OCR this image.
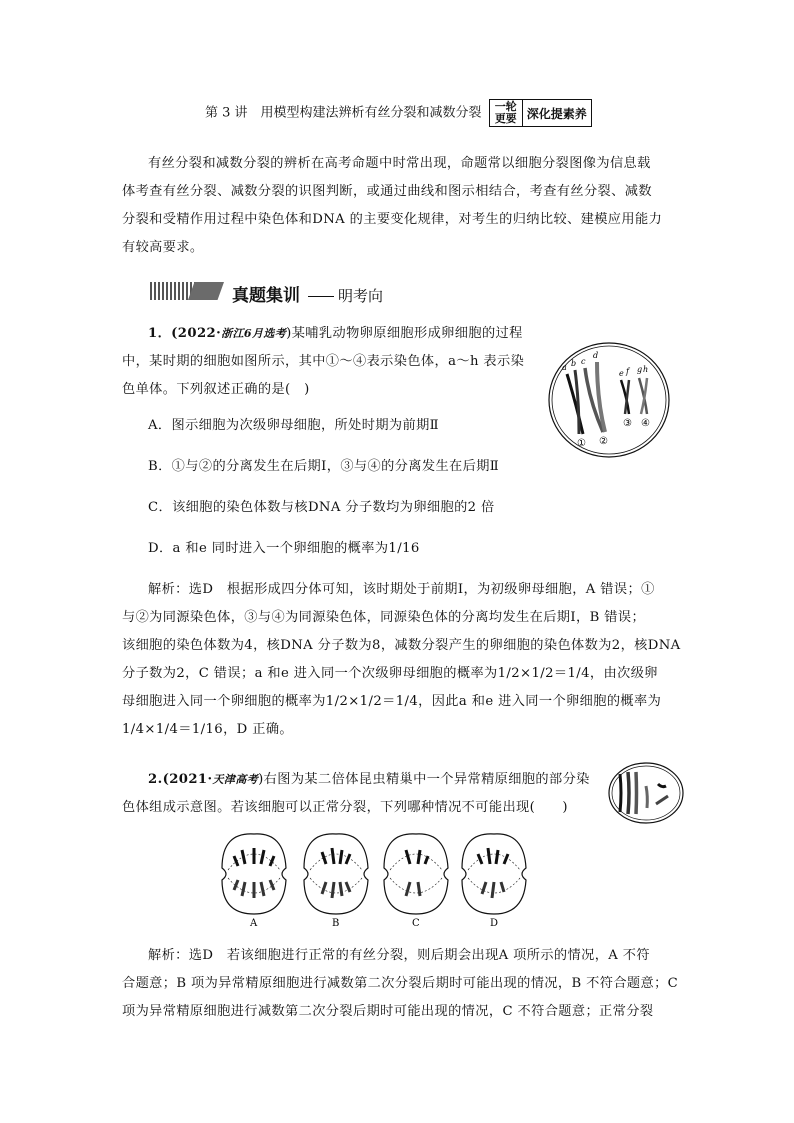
第 3 讲　用模型构建法辨析有丝分裂和减数分裂	一轮
更要 深化提素养
有丝分裂和减数分裂的辨析在高考命题中时常出现，命题常以细胞分裂图像为信息载
体考查有丝分裂、减数分裂的识图判断，或通过曲线和图示相结合，考查有丝分裂、减数
分裂和受精作用过程中染色体和DNA 的主要变化规律，对考生的归纳比较、建模应用能力
有较高要求。
真题集训	明考向
1．(2022·浙江6月选考)某哺乳动物卵原细胞形成卵细胞的过程
中，某时期的细胞如图所示，其中①～④表示染色体，a～h 表示染
色单体。下列叙述正确的是(　)
A．图示细胞为次级卵母细胞，所处时期为前期Ⅱ
B．①与②的分离发生在后期Ⅰ，③与④的分离发生在后期Ⅱ
C．该细胞的染色体数与核DNA 分子数均为卵细胞的2 倍
D．a 和e 同时进入一个卵细胞的概率为1/16
a b c
d
e f g h
① ②
③ ④
解析：选D　根据形成四分体可知，该时期处于前期Ⅰ，为初级卵母细胞，A 错误；①
与②为同源染色体，③与④为同源染色体，同源染色体的分离均发生在后期Ⅰ，B 错误；
该细胞的染色体数为4，核DNA 分子数为8，减数分裂产生的卵细胞的染色体数为2，核DNA
分子数为2，C 错误；a 和e 进入同一个次级卵母细胞的概率为1/2×1/2＝1/4，由次级卵
母细胞进入同一个卵细胞的概率为1/2×1/2＝1/4，因此a 和e 进入同一个卵细胞的概率为
1/4×1/4＝1/16，D 正确。
2.(2021·天津高考)右图为某二倍体昆虫精巢中一个异常精原细胞的部分染
色体组成示意图。若该细胞可以正常分裂，下列哪种情况不可能出现(　　)
A	B	C	D
解析：选D　若该细胞进行正常的有丝分裂，则后期会出现A 项所示的情况，A 不符
合题意；B 项为异常精原细胞进行减数第二次分裂后期时可能出现的情况，B 不符合题意；C
项为异常精原细胞进行减数第二次分裂后期时可能出现的情况，C 不符合题意；正常分裂
